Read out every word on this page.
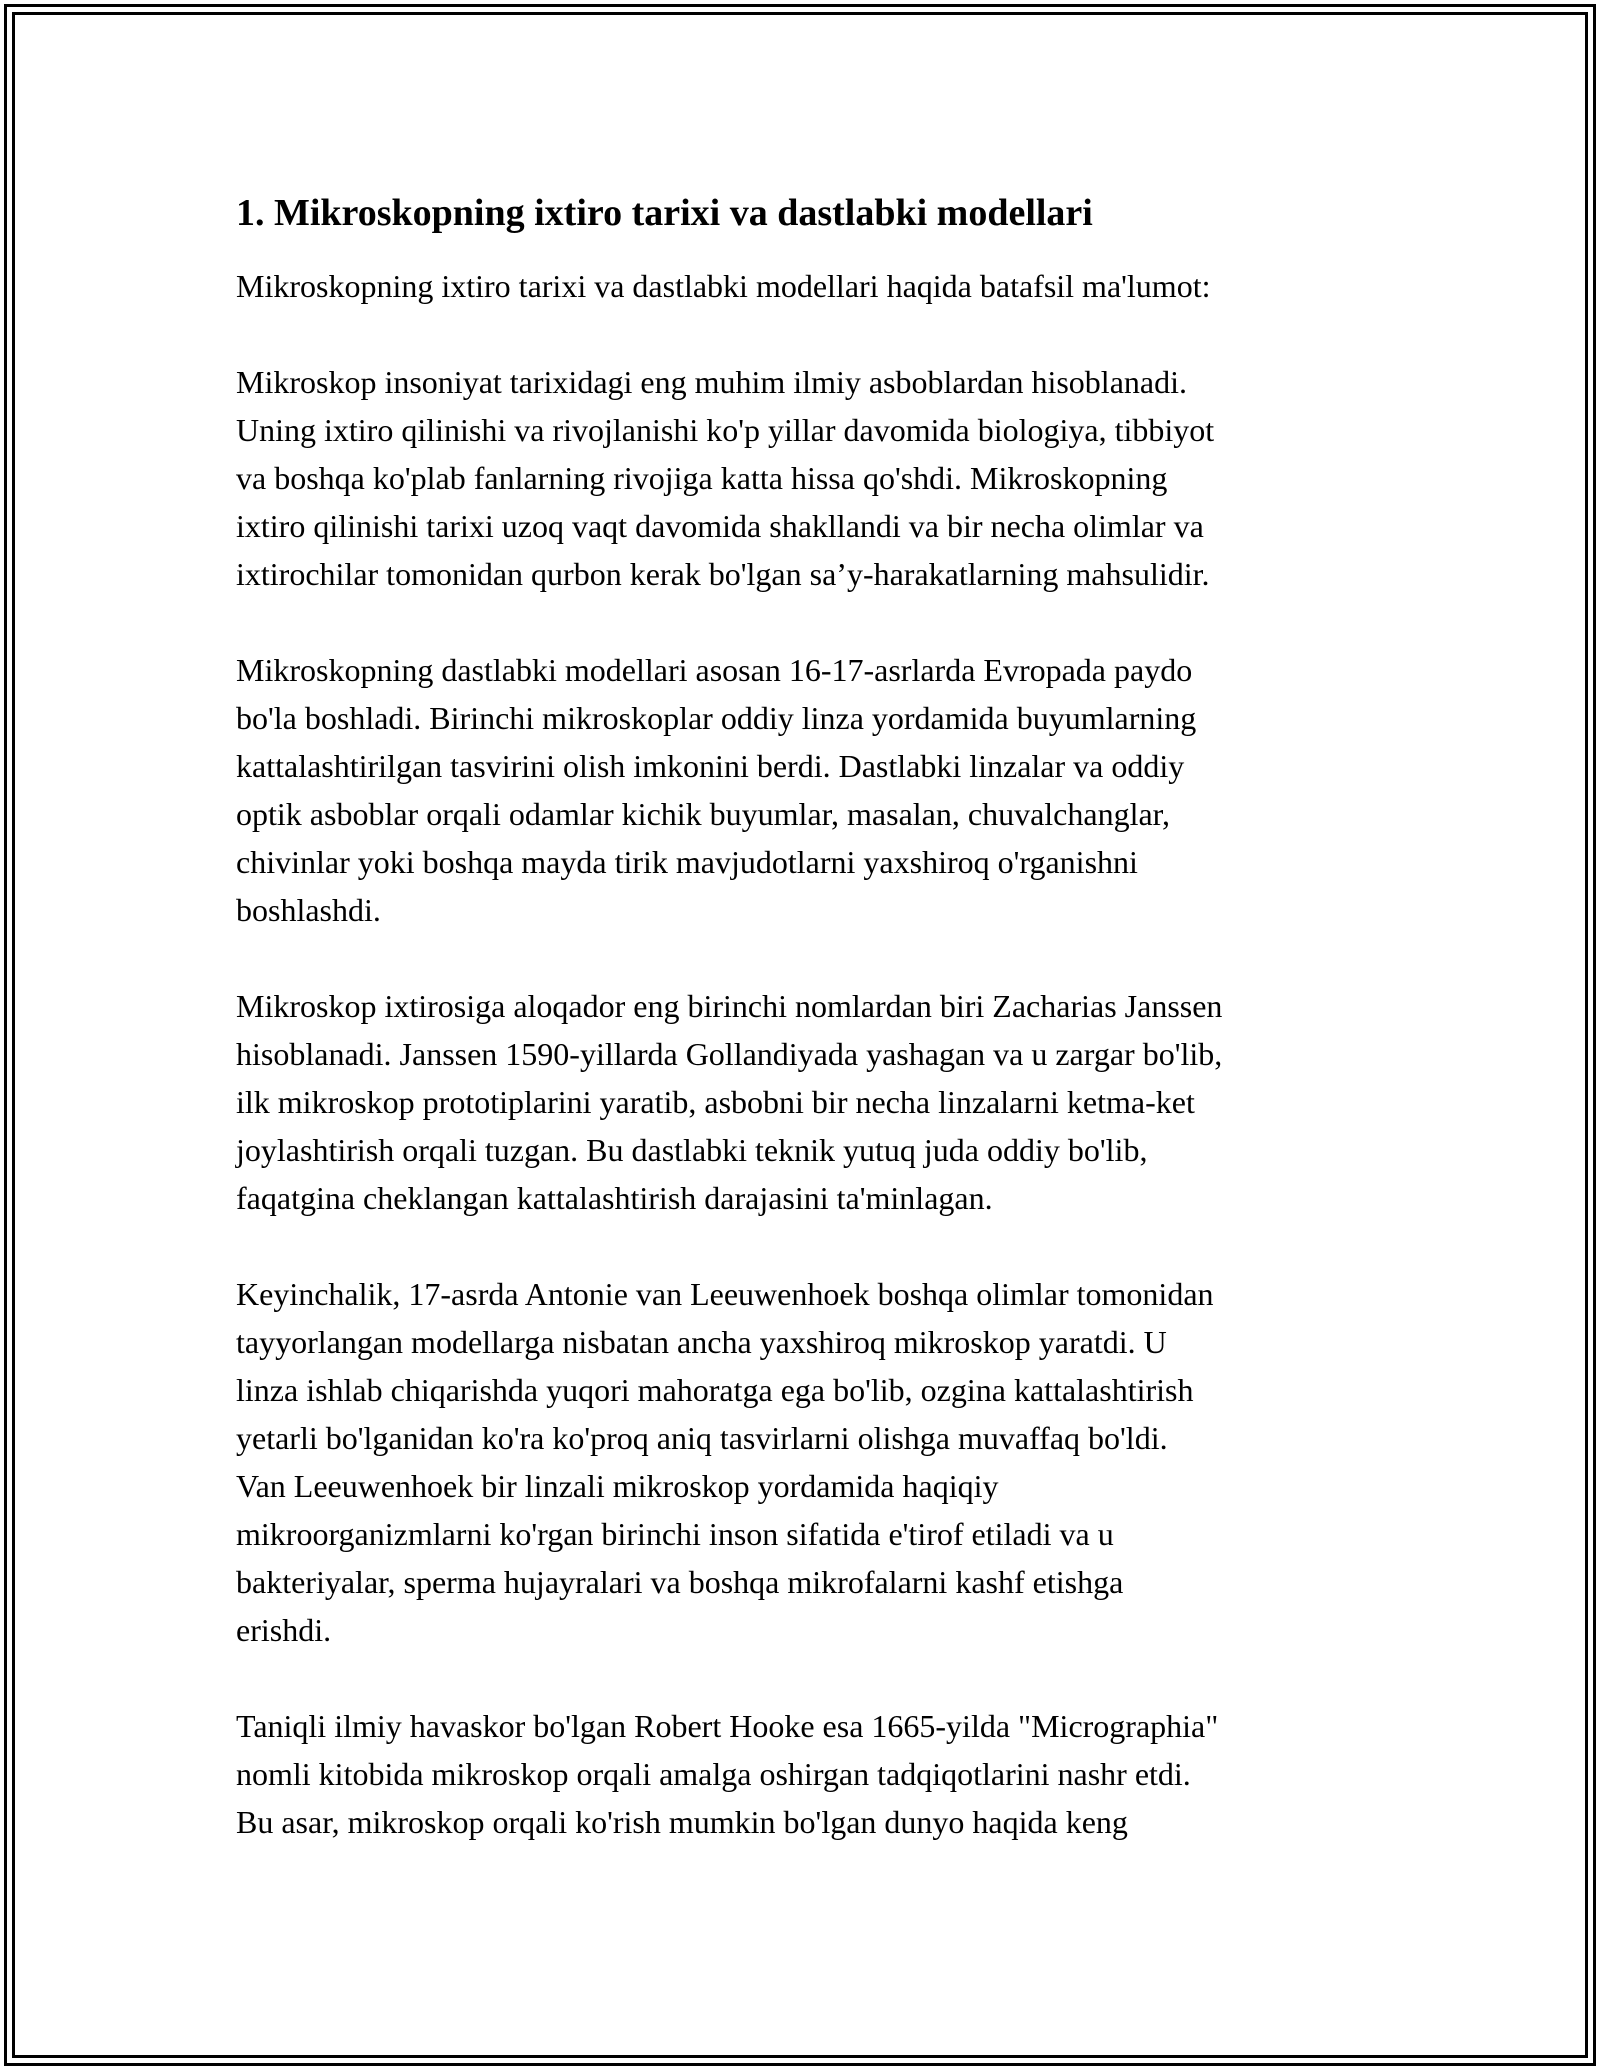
1. Mikroskopning ixtiro tarixi va dastlabki modellari

Mikroskopning ixtiro tarixi va dastlabki modellari haqida batafsil ma'lumot:

Mikroskop insoniyat tarixidagi eng muhim ilmiy asboblardan hisoblanadi.
Uning ixtiro qilinishi va rivojlanishi ko'p yillar davomida biologiya, tibbiyot
va boshqa ko'plab fanlarning rivojiga katta hissa qo'shdi. Mikroskopning
ixtiro qilinishi tarixi uzoq vaqt davomida shakllandi va bir necha olimlar va
ixtirochilar tomonidan qurbon kerak bo'lgan sa’y-harakatlarning mahsulidir.

Mikroskopning dastlabki modellari asosan 16-17-asrlarda Evropada paydo
bo'la boshladi. Birinchi mikroskoplar oddiy linza yordamida buyumlarning
kattalashtirilgan tasvirini olish imkonini berdi. Dastlabki linzalar va oddiy
optik asboblar orqali odamlar kichik buyumlar, masalan, chuvalchanglar,
chivinlar yoki boshqa mayda tirik mavjudotlarni yaxshiroq o'rganishni
boshlashdi.

Mikroskop ixtirosiga aloqador eng birinchi nomlardan biri Zacharias Janssen
hisoblanadi. Janssen 1590-yillarda Gollandiyada yashagan va u zargar bo'lib,
ilk mikroskop prototiplarini yaratib, asbobni bir necha linzalarni ketma-ket
joylashtirish orqali tuzgan. Bu dastlabki teknik yutuq juda oddiy bo'lib,
faqatgina cheklangan kattalashtirish darajasini ta'minlagan.

Keyinchalik, 17-asrda Antonie van Leeuwenhoek boshqa olimlar tomonidan
tayyorlangan modellarga nisbatan ancha yaxshiroq mikroskop yaratdi. U
linza ishlab chiqarishda yuqori mahoratga ega bo'lib, ozgina kattalashtirish
yetarli bo'lganidan ko'ra ko'proq aniq tasvirlarni olishga muvaffaq bo'ldi.
Van Leeuwenhoek bir linzali mikroskop yordamida haqiqiy
mikroorganizmlarni ko'rgan birinchi inson sifatida e'tirof etiladi va u
bakteriyalar, sperma hujayralari va boshqa mikrofalarni kashf etishga
erishdi.

Taniqli ilmiy havaskor bo'lgan Robert Hooke esa 1665-yilda "Micrographia"
nomli kitobida mikroskop orqali amalga oshirgan tadqiqotlarini nashr etdi.
Bu asar, mikroskop orqali ko'rish mumkin bo'lgan dunyo haqida keng
